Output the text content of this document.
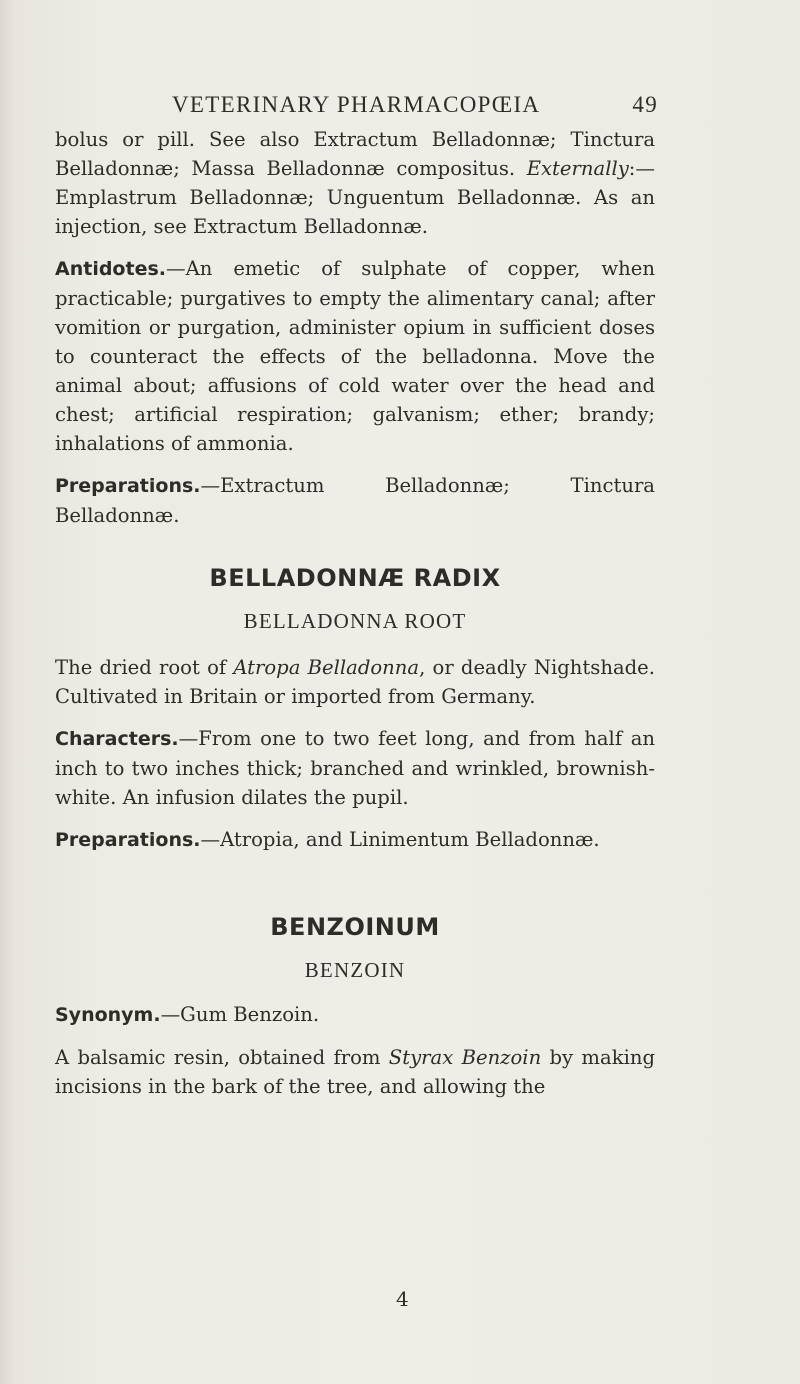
VETERINARY PHARMACOPŒIA	49

bolus or pill. See also Extractum Belladonnæ; Tinctura Belladonnæ; Massa Belladonnæ compositus. Externally:— Emplastrum Belladonnæ; Unguentum Belladonnæ. As an injection, see Extractum Belladonnæ.

Antidotes.—An emetic of sulphate of copper, when practicable; purgatives to empty the alimentary canal; after vomition or purgation, administer opium in sufficient doses to counteract the effects of the belladonna. Move the animal about; affusions of cold water over the head and chest; artificial respiration; galvanism; ether; brandy; inhalations of ammonia.

Preparations.—Extractum Belladonnæ; Tinctura Belladonnæ.

BELLADONNÆ RADIX

BELLADONNA ROOT

The dried root of Atropa Belladonna, or deadly Nightshade. Cultivated in Britain or imported from Germany.

Characters.—From one to two feet long, and from half an inch to two inches thick; branched and wrinkled, brownish-white. An infusion dilates the pupil.

Preparations.—Atropia, and Linimentum Belladonnæ.

BENZOINUM

BENZOIN

Synonym.—Gum Benzoin.

A balsamic resin, obtained from Styrax Benzoin by making incisions in the bark of the tree, and allowing the

4
